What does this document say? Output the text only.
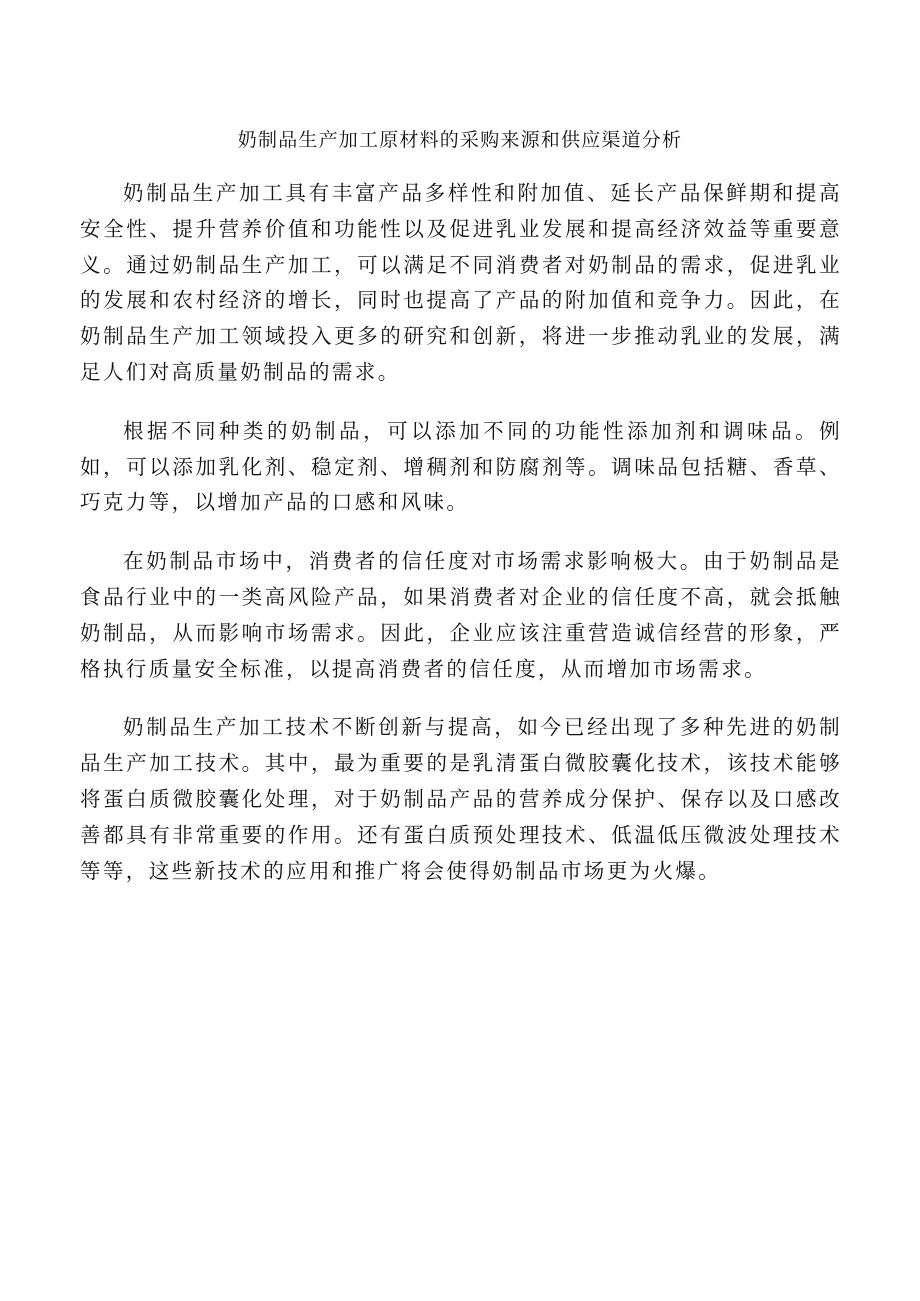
奶制品生产加工原材料的采购来源和供应渠道分析

奶制品生产加工具有丰富产品多样性和附加值、延长产品保鲜期和提高安全性、提升营养价值和功能性以及促进乳业发展和提高经济效益等重要意义。通过奶制品生产加工，可以满足不同消费者对奶制品的需求，促进乳业的发展和农村经济的增长，同时也提高了产品的附加值和竞争力。因此，在奶制品生产加工领域投入更多的研究和创新，将进一步推动乳业的发展，满足人们对高质量奶制品的需求。

根据不同种类的奶制品，可以添加不同的功能性添加剂和调味品。例如，可以添加乳化剂、稳定剂、增稠剂和防腐剂等。调味品包括糖、香草、巧克力等，以增加产品的口感和风味。

在奶制品市场中，消费者的信任度对市场需求影响极大。由于奶制品是食品行业中的一类高风险产品，如果消费者对企业的信任度不高，就会抵触奶制品，从而影响市场需求。因此，企业应该注重营造诚信经营的形象，严格执行质量安全标准，以提高消费者的信任度，从而增加市场需求。

奶制品生产加工技术不断创新与提高，如今已经出现了多种先进的奶制品生产加工技术。其中，最为重要的是乳清蛋白微胶囊化技术，该技术能够将蛋白质微胶囊化处理，对于奶制品产品的营养成分保护、保存以及口感改善都具有非常重要的作用。还有蛋白质预处理技术、低温低压微波处理技术等等，这些新技术的应用和推广将会使得奶制品市场更为火爆。
